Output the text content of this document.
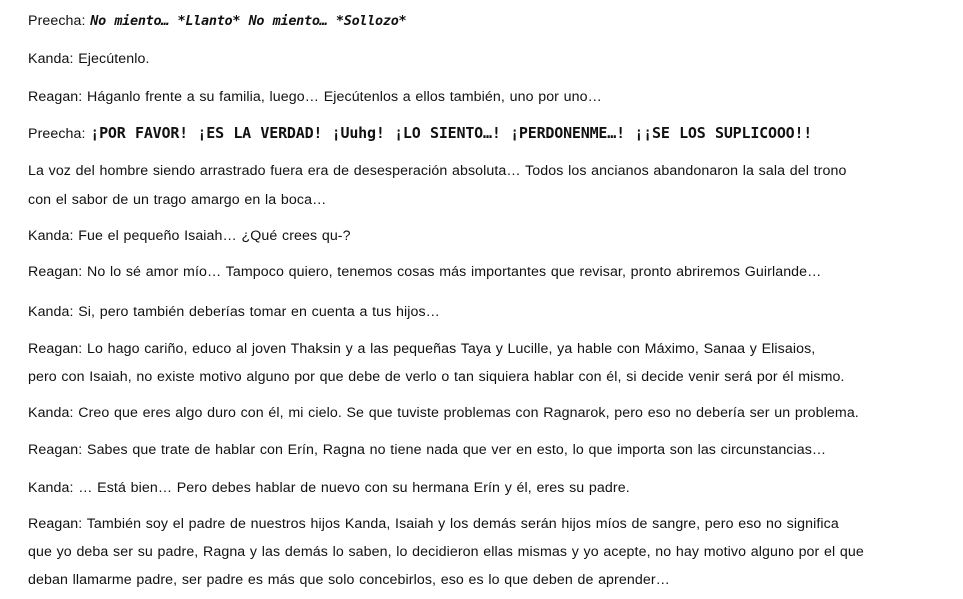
Preecha: No miento… *Llanto* No miento… *Sollozo*
Kanda: Ejecútenlo.
Reagan: Háganlo frente a su familia, luego… Ejecútenlos a ellos también, uno por uno…
Preecha: ¡POR FAVOR! ¡ES LA VERDAD! ¡Uuhg! ¡LO SIENTO…! ¡PERDONENME…! ¡¡SE LOS SUPLICOOO!!
La voz del hombre siendo arrastrado fuera era de desesperación absoluta… Todos los ancianos abandonaron la sala del trono
con el sabor de un trago amargo en la boca…
Kanda: Fue el pequeño Isaiah… ¿Qué crees qu-?
Reagan: No lo sé amor mío… Tampoco quiero, tenemos cosas más importantes que revisar, pronto abriremos Guirlande…
Kanda: Si, pero también deberías tomar en cuenta a tus hijos…
Reagan: Lo hago cariño, educo al joven Thaksin y a las pequeñas Taya y Lucille, ya hable con Máximo, Sanaa y Elisaios,
pero con Isaiah, no existe motivo alguno por que debe de verlo o tan siquiera hablar con él, si decide venir será por él mismo.
Kanda: Creo que eres algo duro con él, mi cielo. Se que tuviste problemas con Ragnarok, pero eso no debería ser un problema.
Reagan: Sabes que trate de hablar con Erín, Ragna no tiene nada que ver en esto, lo que importa son las circunstancias…
Kanda: … Está bien… Pero debes hablar de nuevo con su hermana Erín y él, eres su padre.
Reagan: También soy el padre de nuestros hijos Kanda, Isaiah y los demás serán hijos míos de sangre, pero eso no significa
que yo deba ser su padre, Ragna y las demás lo saben, lo decidieron ellas mismas y yo acepte, no hay motivo alguno por el que
deban llamarme padre, ser padre es más que solo concebirlos, eso es lo que deben de aprender…
